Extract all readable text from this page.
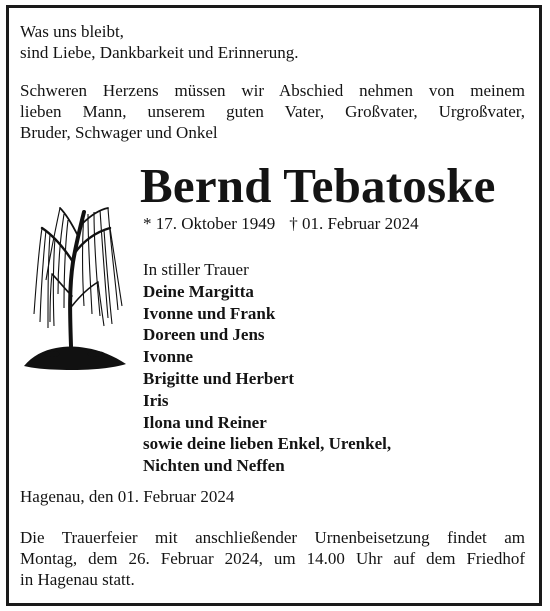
Was uns bleibt,
sind Liebe, Dankbarkeit und Erinnerung.
Schweren Herzens müssen wir Abschied nehmen von meinem
lieben Mann, unserem guten Vater, Großvater, Urgroßvater,
Bruder, Schwager und Onkel
Bernd Tebatoske
* 17. Oktober 1949 † 01. Februar 2024
In stiller Trauer
Deine Margitta
Ivonne und Frank
Doreen und Jens
Ivonne
Brigitte und Herbert
Iris
Ilona und Reiner
sowie deine lieben Enkel, Urenkel,
Nichten und Neffen
Hagenau, den 01. Februar 2024
Die Trauerfeier mit anschließender Urnenbeisetzung findet am
Montag, dem 26. Februar 2024, um 14.00 Uhr auf dem Friedhof
in Hagenau statt.
